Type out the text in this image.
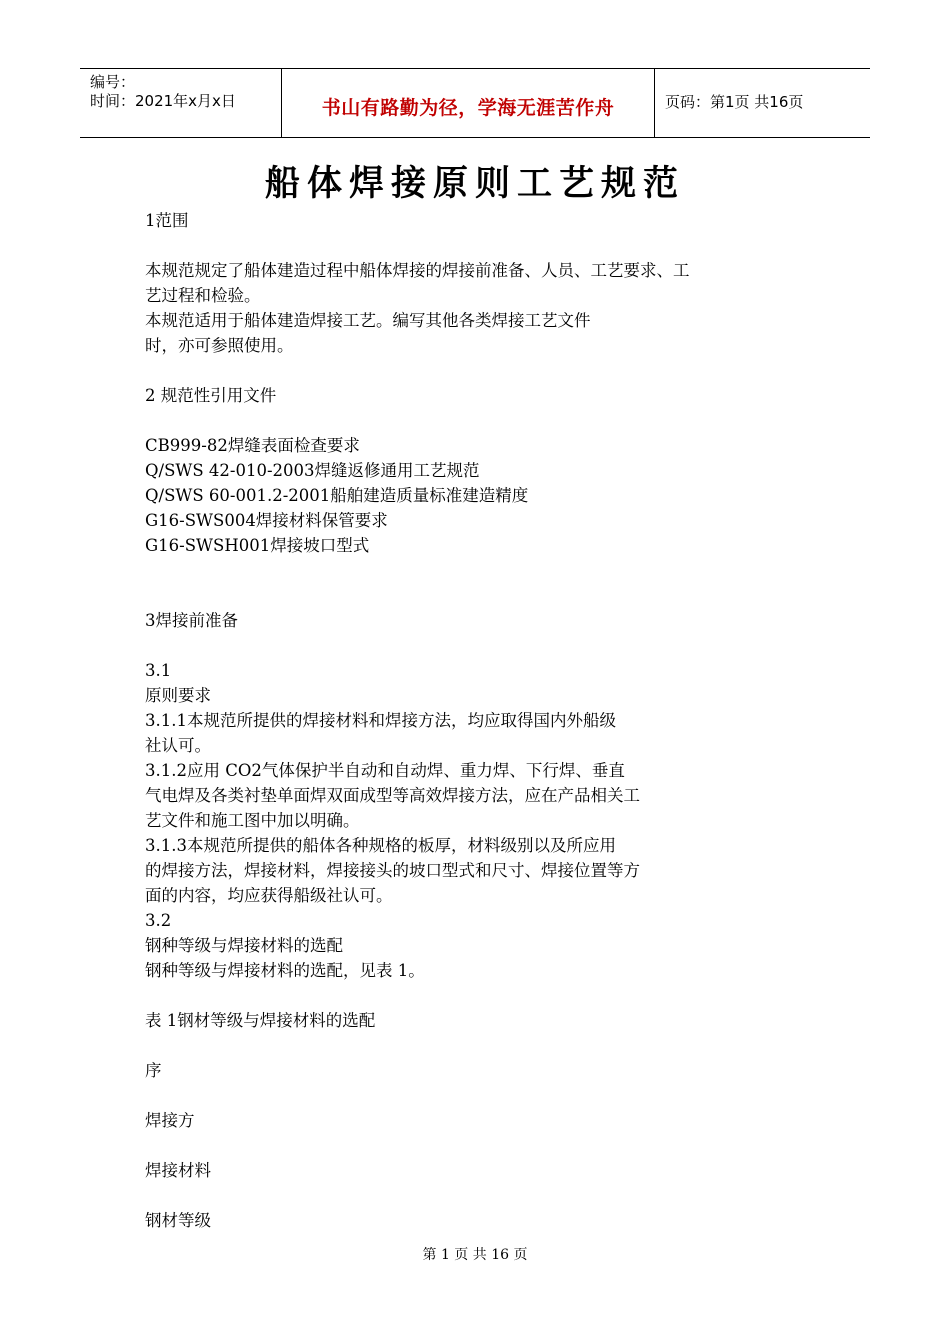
编号：
时间：2021年x月x日	书山有路勤为径，学海无涯苦作舟	页码：第1页 共16页
船体焊接原则工艺规范

1范围

本规范规定了船体建造过程中船体焊接的焊接前准备、人员、工艺要求、工

艺过程和检验。

本规范适用于船体建造焊接工艺。编写其他各类焊接工艺文件

时，亦可参照使用。

2 规范性引用文件

CB999-82焊缝表面检查要求

Q/SWS 42-010-2003焊缝返修通用工艺规范

Q/SWS 60-001.2-2001船舶建造质量标准建造精度

G16-SWS004焊接材料保管要求

G16-SWSH001焊接坡口型式

3焊接前准备

3.1

原则要求

3.1.1本规范所提供的焊接材料和焊接方法，均应取得国内外船级

社认可。

3.1.2应用 CO2气体保护半自动和自动焊、重力焊、下行焊、垂直

气电焊及各类衬垫单面焊双面成型等高效焊接方法，应在产品相关工

艺文件和施工图中加以明确。

3.1.3本规范所提供的船体各种规格的板厚，材料级别以及所应用

的焊接方法，焊接材料，焊接接头的坡口型式和尺寸、焊接位置等方

面的内容，均应获得船级社认可。

3.2

钢种等级与焊接材料的选配

钢种等级与焊接材料的选配，见表 1。

表 1钢材等级与焊接材料的选配

序

焊接方

焊接材料

钢材等级

第 1 页 共 16 页
